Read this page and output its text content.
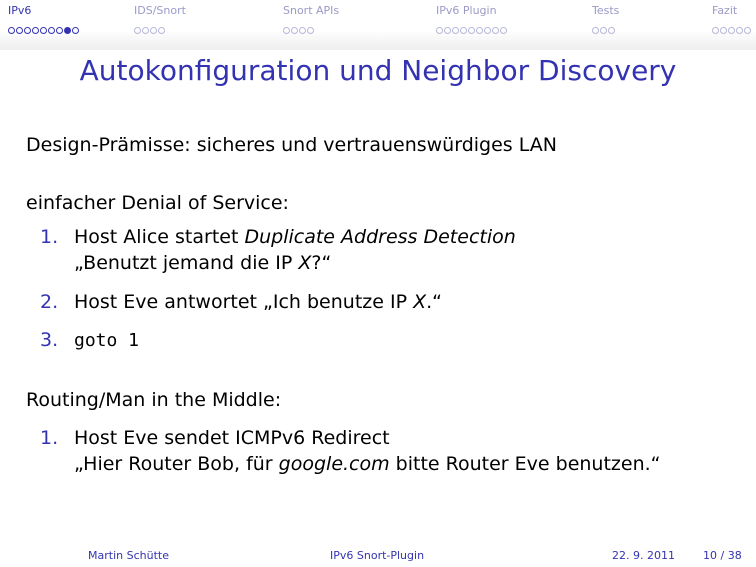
IPv6	IDS/Snort	Snort APIs	IPv6 Plugin	Tests	Fazit
Autokonfiguration und Neighbor Discovery
Design-Prämisse: sicheres und vertrauenswürdiges LAN
einfacher Denial of Service:
1. Host Alice startet Duplicate Address Detection
„Benutzt jemand die IP X?“
2. Host Eve antwortet „Ich benutze IP X.“
3. goto 1
Routing/Man in the Middle:
1. Host Eve sendet ICMPv6 Redirect
„Hier Router Bob, für google.com bitte Router Eve benutzen.“
Martin Schütte	IPv6 Snort-Plugin	22. 9. 2011	10 / 38
